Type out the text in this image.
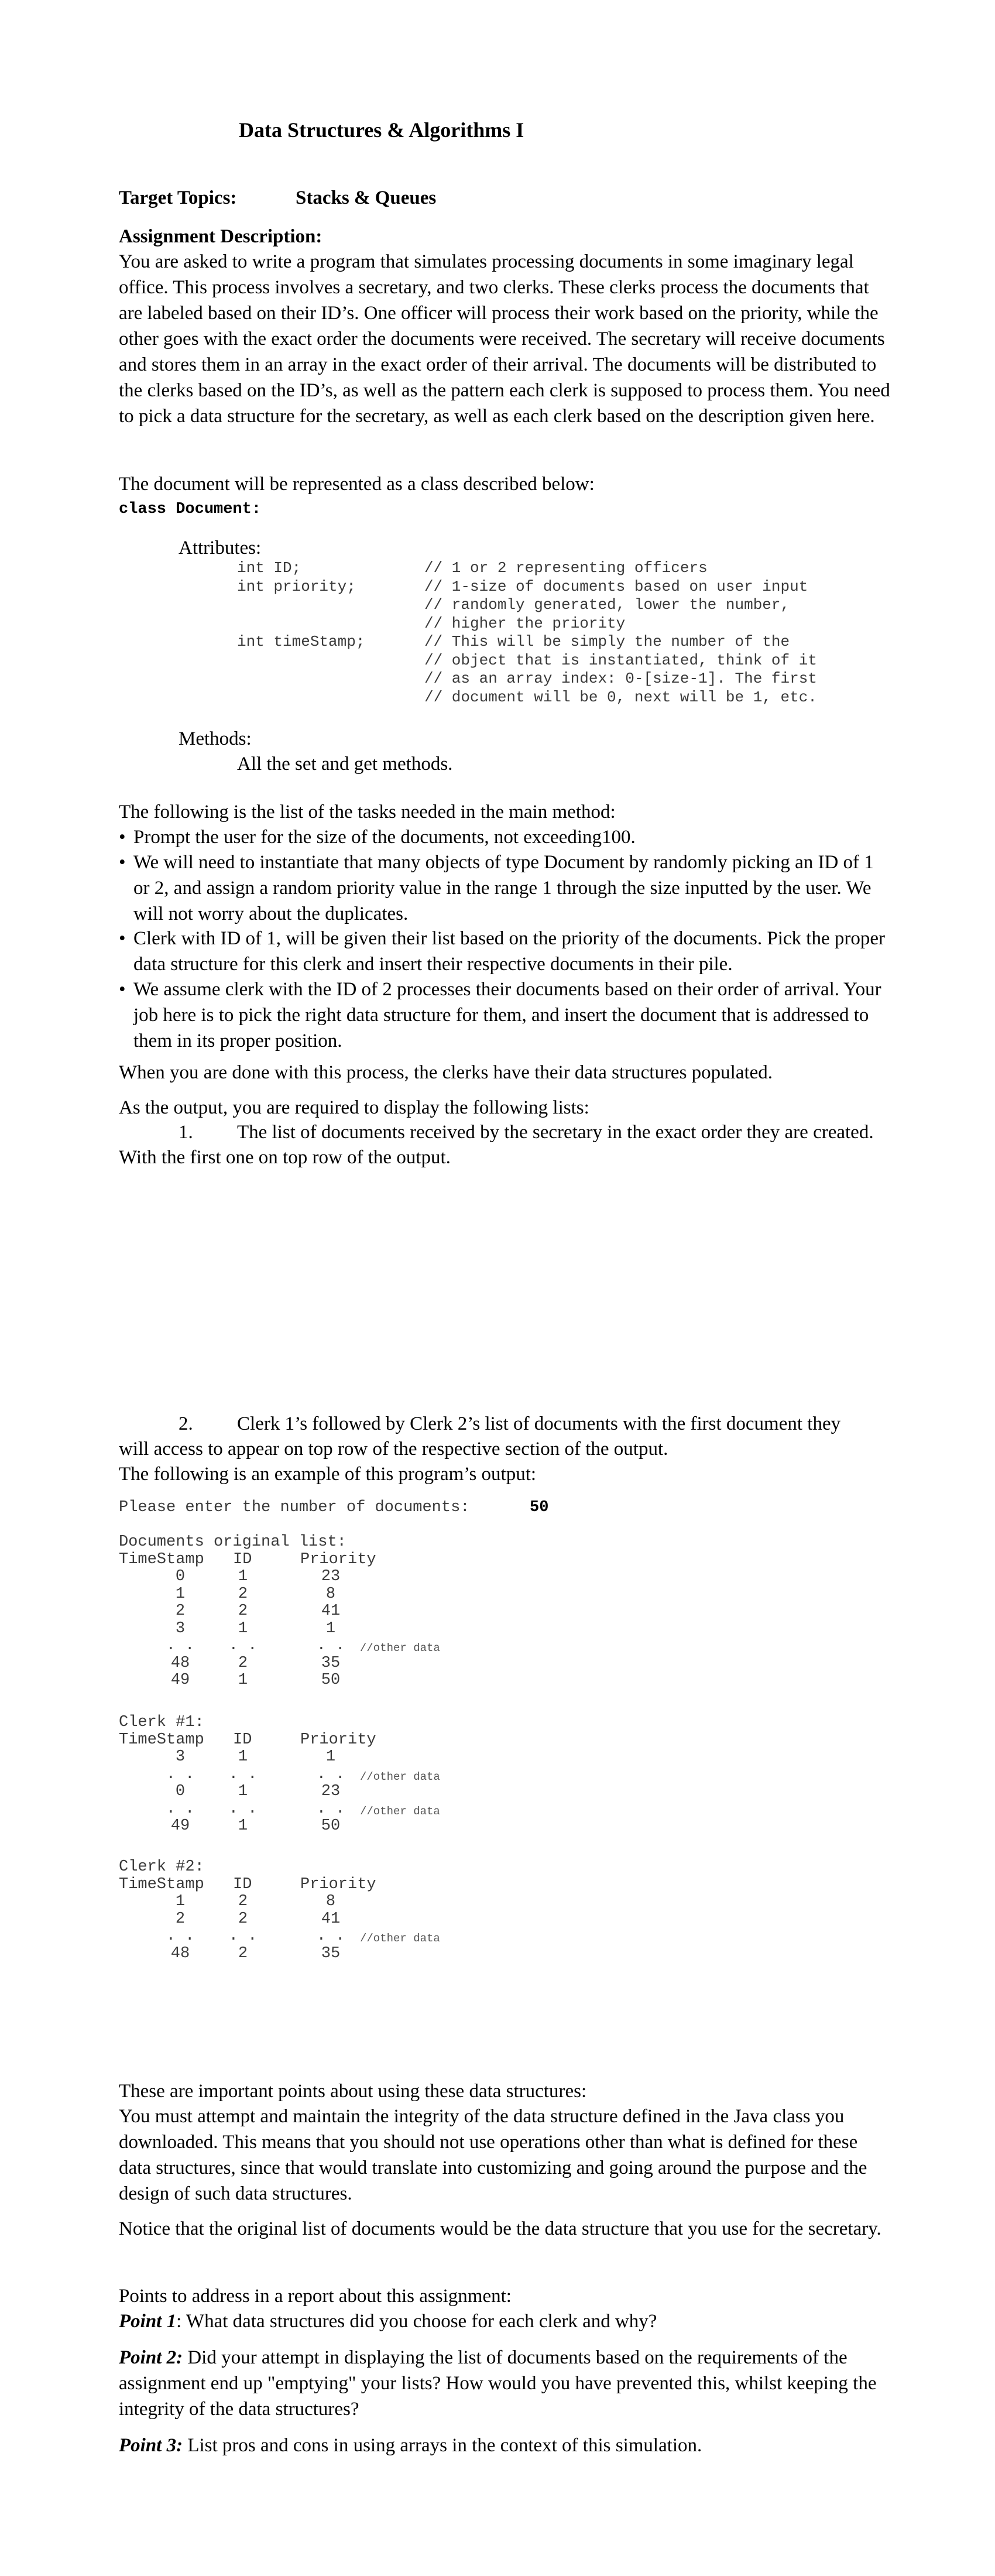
Data Structures & Algorithms I
Target Topics:	Stacks & Queues
Assignment Description:
You are asked to write a program that simulates processing documents in some imaginary legal office. This process involves a secretary, and two clerks. These clerks process the documents that are labeled based on their ID’s. One officer will process their work based on the priority, while the other goes with the exact order the documents were received. The secretary will receive documents and stores them in an array in the exact order of their arrival. The documents will be distributed to the clerks based on the ID’s, as well as the pattern each clerk is supposed to process them. You need to pick a data structure for the secretary, as well as each clerk based on the description given here.
The document will be represented as a class described below:
class Document:
Attributes:
int ID;	// 1 or 2 representing officers
int priority;	// 1-size of documents based on user input
// randomly generated, lower the number,
// higher the priority
int timeStamp;	// This will be simply the number of the
// object that is instantiated, think of it
// as an array index: 0-[size-1]. The first
// document will be 0, next will be 1, etc.
Methods:
All the set and get methods.
The following is the list of the tasks needed in the main method:
• Prompt the user for the size of the documents, not exceeding100.
• We will need to instantiate that many objects of type Document by randomly picking an ID of 1 or 2, and assign a random priority value in the range 1 through the size inputted by the user. We will not worry about the duplicates.
• Clerk with ID of 1, will be given their list based on the priority of the documents. Pick the proper data structure for this clerk and insert their respective documents in their pile.
• We assume clerk with the ID of 2 processes their documents based on their order of arrival. Your job here is to pick the right data structure for them, and insert the document that is addressed to them in its proper position.
When you are done with this process, the clerks have their data structures populated.
As the output, you are required to display the following lists:
1. The list of documents received by the secretary in the exact order they are created.
With the first one on top row of the output.
2. Clerk 1’s followed by Clerk 2’s list of documents with the first document they
will access to appear on top row of the respective section of the output.
The following is an example of this program’s output:
Please enter the number of documents:	50
Documents original list:
TimeStamp ID	Priority
0	1	23
1	2	8
2	2	41
3	1	1
. .	. .	. .	//other data
48	2	35
49	1	50
Clerk #1:
TimeStamp ID	Priority
3	1	1
. .	. .	. .	//other data
0	1	23
. .	. .	. .	//other data
49	1	50
Clerk #2:
TimeStamp ID	Priority
1	2	8
2	2	41
. .	. .	. .	//other data
48	2	35
These are important points about using these data structures:
You must attempt and maintain the integrity of the data structure defined in the Java class you downloaded. This means that you should not use operations other than what is defined for these data structures, since that would translate into customizing and going around the purpose and the design of such data structures.
Notice that the original list of documents would be the data structure that you use for the secretary.
Points to address in a report about this assignment:
Point 1: What data structures did you choose for each clerk and why?
Point 2: Did your attempt in displaying the list of documents based on the requirements of the assignment end up "emptying" your lists? How would you have prevented this, whilst keeping the integrity of the data structures?
Point 3: List pros and cons in using arrays in the context of this simulation.
